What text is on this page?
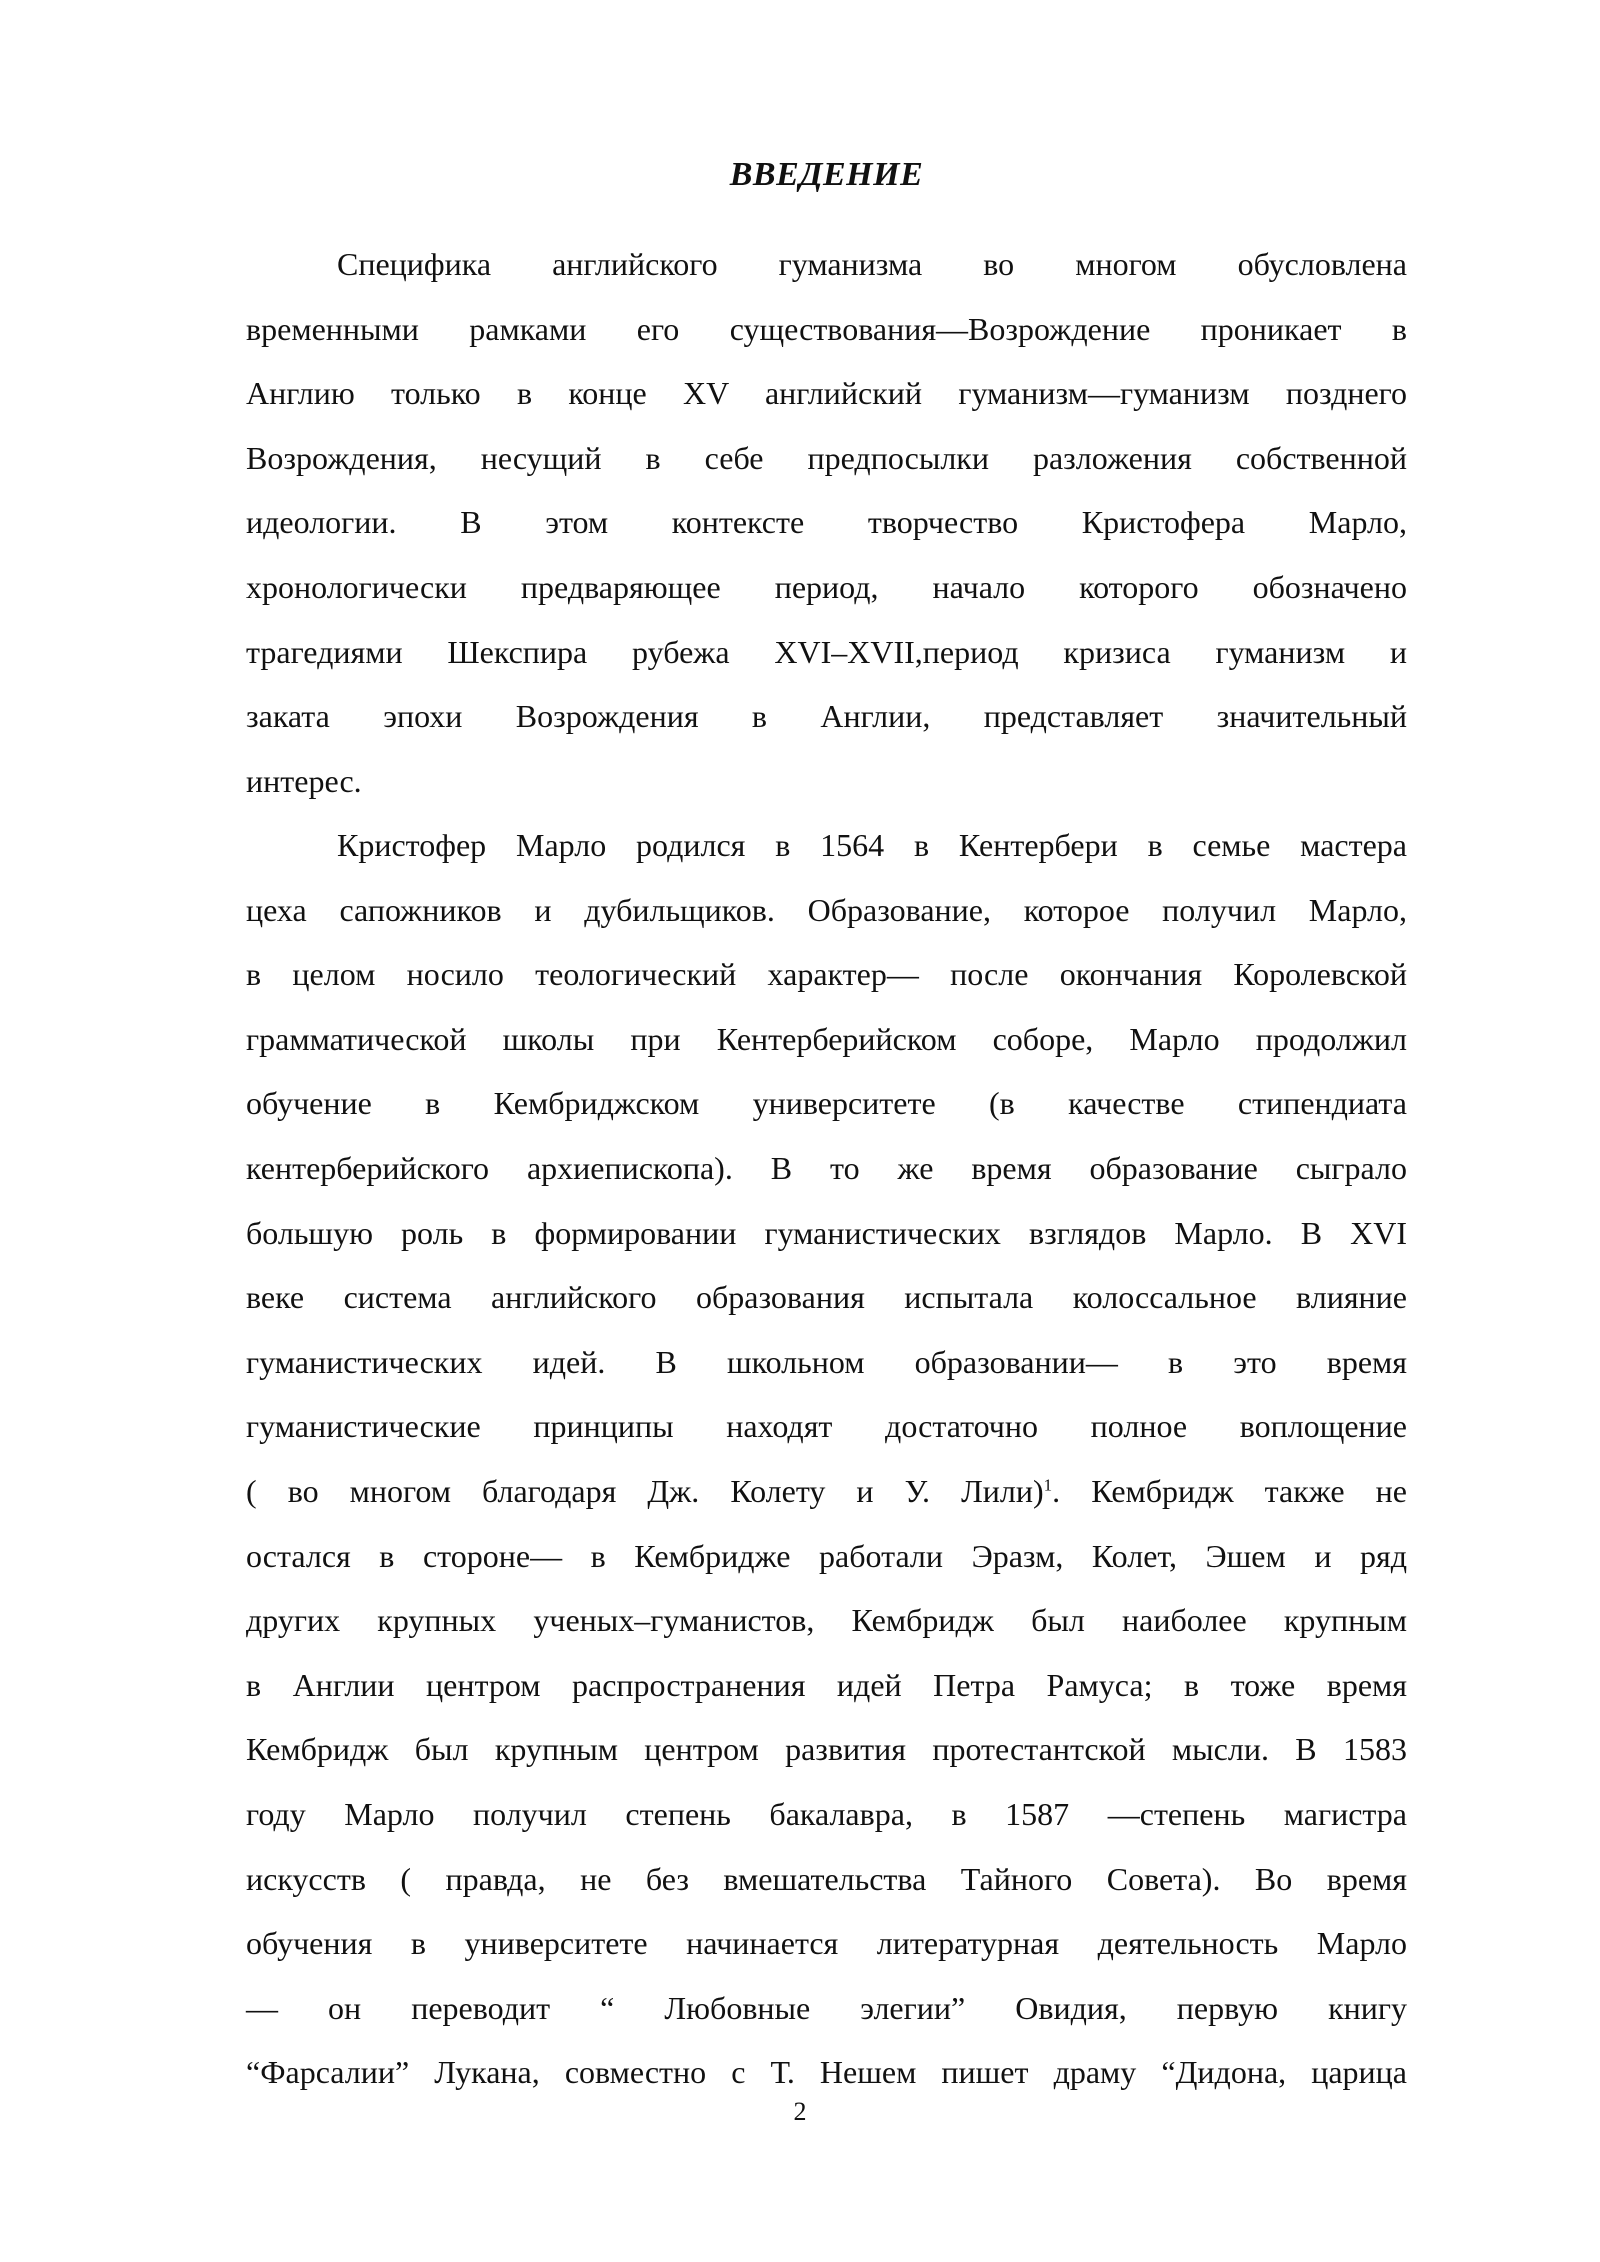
ВВЕДЕНИЕ
Специфика английского гуманизма во многом обусловлена
временными рамками его существования—Возрождение проникает в
Англию только в конце XV английский гуманизм—гуманизм позднего
Возрождения, несущий в себе предпосылки разложения собственной
идеологии. В этом контексте творчество Кристофера Марло,
хронологически предваряющее период, начало которого обозначено
трагедиями Шекспира рубежа XVI–XVII,период кризиса гуманизм и
заката эпохи Возрождения в Англии, представляет значительный
интерес.
Кристофер Марло родился в 1564 в Кентербери в семье мастера
цеха сапожников и дубильщиков. Образование, которое получил Марло,
в целом носило теологический характер— после окончания Королевской
грамматической школы при Кентерберийском соборе, Марло продолжил
обучение в Кембриджском университете (в качестве стипендиата
кентерберийского архиепископа). В то же время образование сыграло
большую роль в формировании гуманистических взглядов Марло. В XVI
веке система английского образования испытала колоссальное влияние
гуманистических идей. В школьном образовании— в это время
гуманистические принципы находят достаточно полное воплощение
( во многом благодаря Дж. Колету и У. Лили)$^1$. Кембридж также не
остался в стороне— в Кембридже работали Эразм, Колет, Эшем и ряд
других крупных ученых–гуманистов, Кембридж был наиболее крупным
в Англии центром распространения идей Петра Рамуса; в тоже время
Кембридж был крупным центром развития протестантской мысли. В 1583
году Марло получил степень бакалавра, в 1587 —степень магистра
искусств ( правда, не без вмешательства Тайного Совета). Во время
обучения в университете начинается литературная деятельность Марло
— он переводит “ Любовные элегии” Овидия, первую книгу
“Фарсалии” Лукана, совместно с Т. Нешем пишет драму “Дидона, царица
2
